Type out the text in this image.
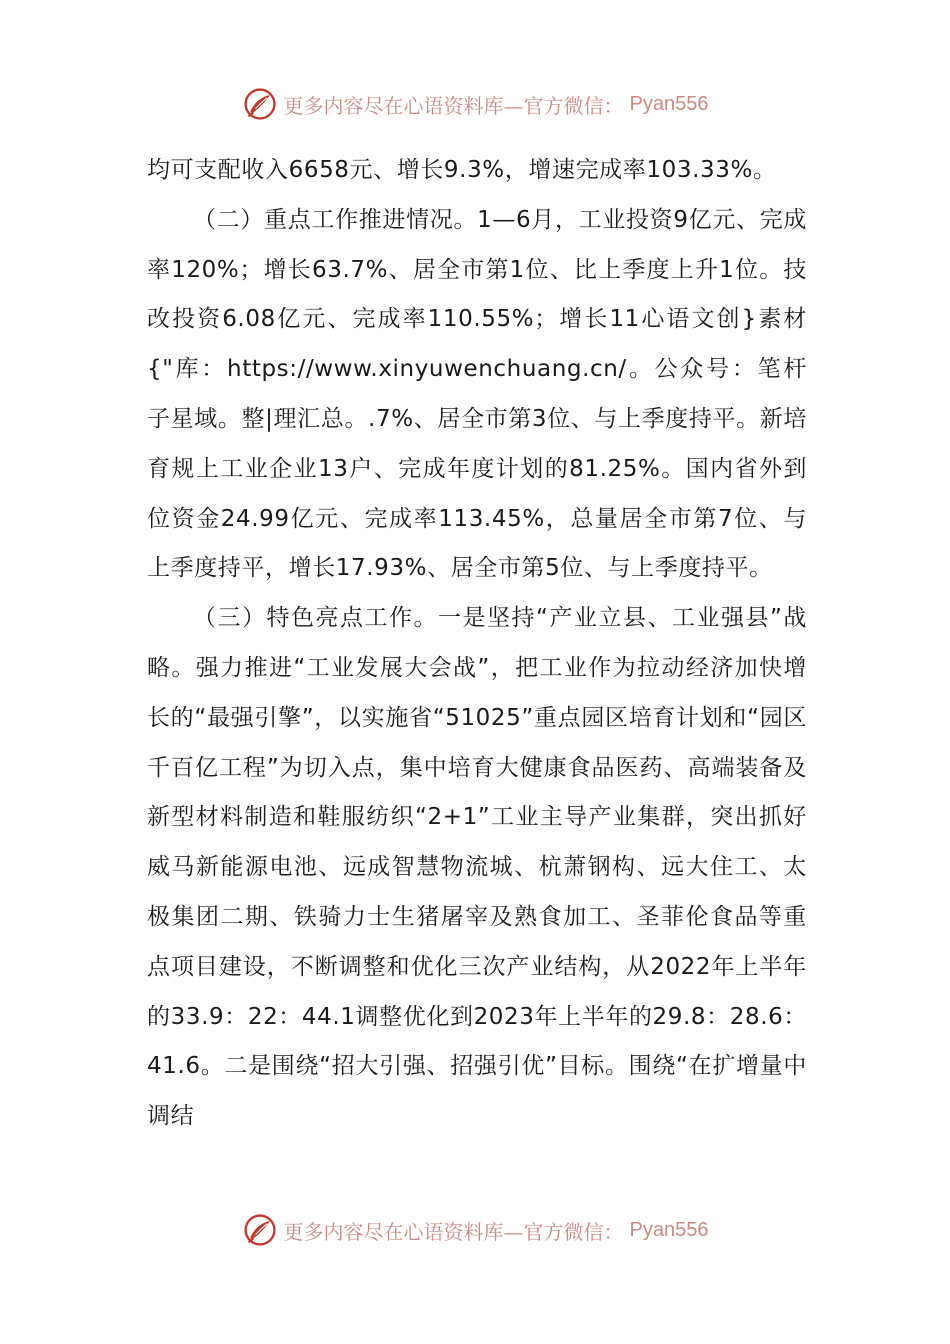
更多内容尽在心语资料库—官方微信： Pyan556

均可支配收入6658元、增长9.3%，增速完成率103.33%。

（二）重点工作推进情况。1—6月，工业投资9亿元、完成率120%；增长63.7%、居全市第1位、比上季度上升1位。技改投资6.08亿元、完成率110.55%；增长11心语文创}素材{"库：https://www.xinyuwenchuang.cn/。公众号：笔杆子星域。整|理汇总。.7%、居全市第3位、与上季度持平。新培育规上工业企业13户、完成年度计划的81.25%。国内省外到位资金24.99亿元、完成率113.45%，总量居全市第7位、与上季度持平，增长17.93%、居全市第5位、与上季度持平。

（三）特色亮点工作。一是坚持“产业立县、工业强县”战略。强力推进“工业发展大会战”，把工业作为拉动经济加快增长的“最强引擎”，以实施省“51025”重点园区培育计划和“园区千百亿工程”为切入点，集中培育大健康食品医药、高端装备及新型材料制造和鞋服纺织“2+1”工业主导产业集群，突出抓好威马新能源电池、远成智慧物流城、杭萧钢构、远大住工、太极集团二期、铁骑力士生猪屠宰及熟食加工、圣菲伦食品等重点项目建设，不断调整和优化三次产业结构，从2022年上半年的33.9：22：44.1调整优化到2023年上半年的29.8：28.6：41.6。二是围绕“招大引强、招强引优”目标。围绕“在扩增量中调结

更多内容尽在心语资料库—官方微信： Pyan556
